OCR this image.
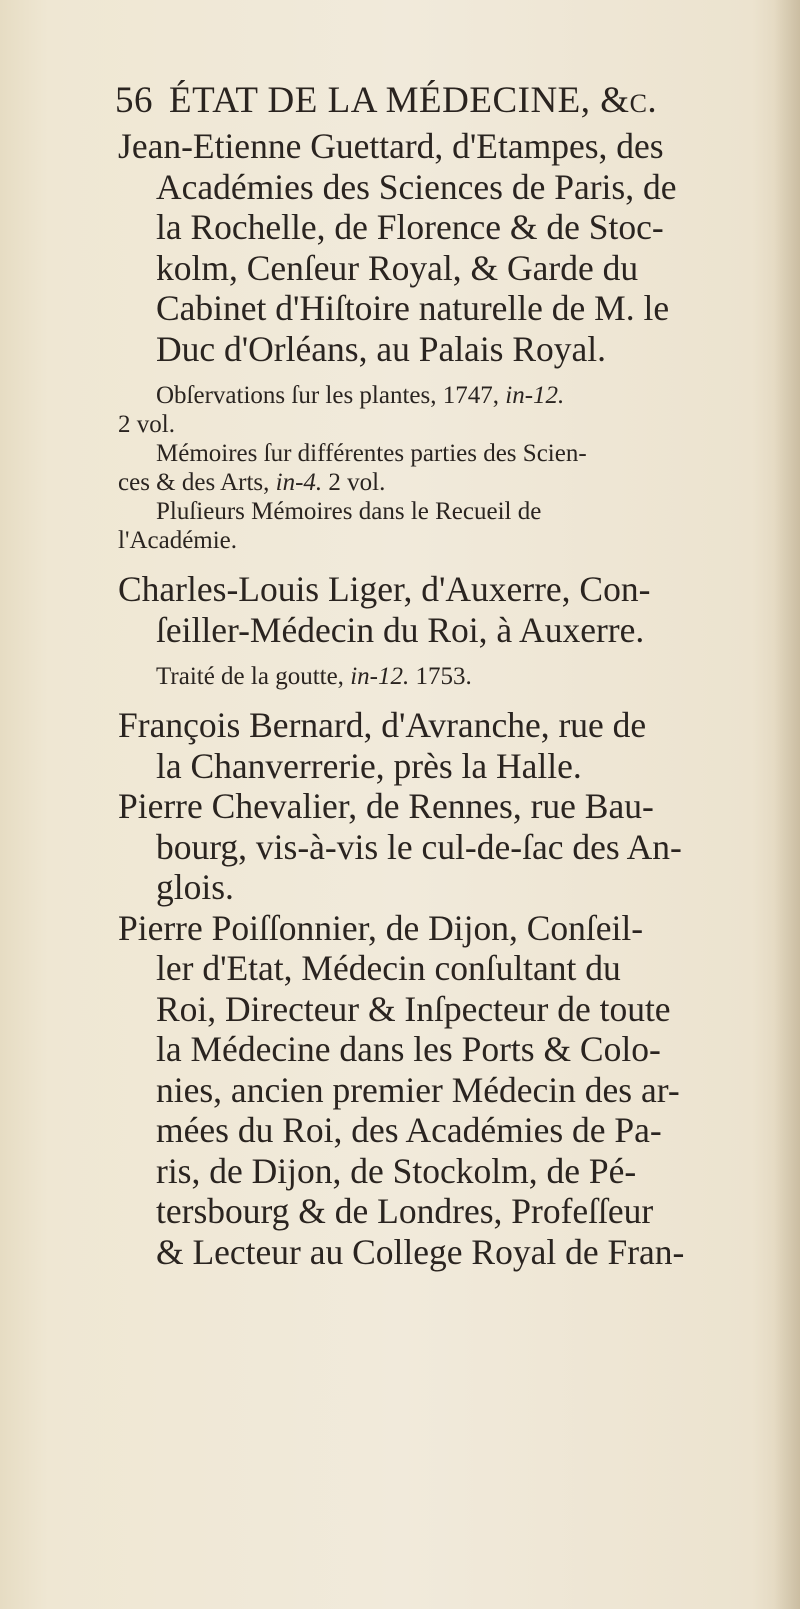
56 ÉTAT DE LA MÉDECINE, &c.
Jean-Etienne Guettard, d'Etampes, des
Académies des Sciences de Paris, de
la Rochelle, de Florence & de Stoc-
kolm, Cenſeur Royal, & Garde du
Cabinet d'Hiſtoire naturelle de M. le
Duc d'Orléans, au Palais Royal.
Obſervations ſur les plantes, 1747, in-12.
2 vol.
Mémoires ſur différentes parties des Scien-
ces & des Arts, in-4. 2 vol.
Pluſieurs Mémoires dans le Recueil de
l'Académie.
Charles-Louis Liger, d'Auxerre, Con-
ſeiller-Médecin du Roi, à Auxerre.
Traité de la goutte, in-12. 1753.
François Bernard, d'Avranche, rue de
la Chanverrerie, près la Halle.
Pierre Chevalier, de Rennes, rue Bau-
bourg, vis-à-vis le cul-de-ſac des An-
glois.
Pierre Poiſſonnier, de Dijon, Conſeil-
ler d'Etat, Médecin conſultant du
Roi, Directeur & Inſpecteur de toute
la Médecine dans les Ports & Colo-
nies, ancien premier Médecin des ar-
mées du Roi, des Académies de Pa-
ris, de Dijon, de Stockolm, de Pé-
tersbourg & de Londres, Profeſſeur
& Lecteur au College Royal de Fran-
